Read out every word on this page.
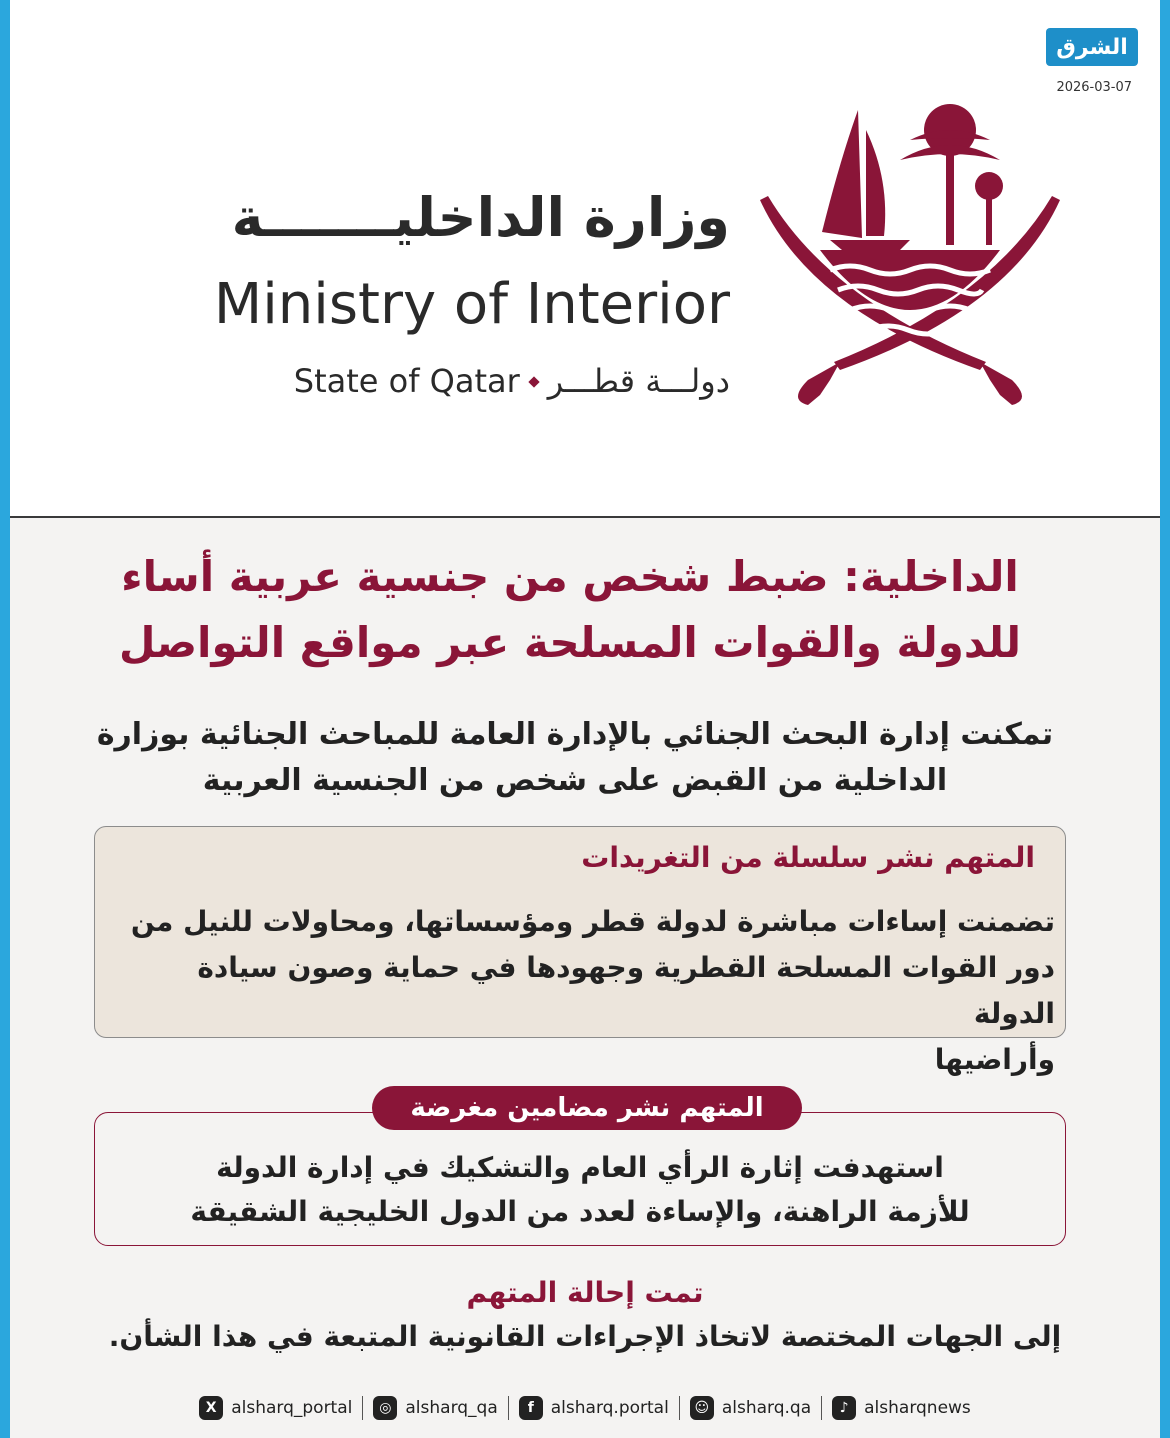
الشرق
2026-03-07
وزارة الداخليـــــــة
Ministry of Interior
State of Qatar دولـــة قطـــر
الداخلية: ضبط شخص من جنسية عربية أساء
للدولة والقوات المسلحة عبر مواقع التواصل
تمكنت إدارة البحث الجنائي بالإدارة العامة للمباحث الجنائية بوزارة
الداخلية من القبض على شخص من الجنسية العربية
المتهم نشر سلسلة من التغريدات
تضمنت إساءات مباشرة لدولة قطر ومؤسساتها، ومحاولات للنيل من
دور القوات المسلحة القطرية وجهودها في حماية وصون سيادة الدولة
وأراضيها
المتهم نشر مضامين مغرضة
استهدفت إثارة الرأي العام والتشكيك في إدارة الدولة
للأزمة الراهنة، والإساءة لعدد من الدول الخليجية الشقيقة
تمت إحالة المتهم
إلى الجهات المختصة لاتخاذ الإجراءات القانونية المتبعة في هذا الشأن.
X alsharq_portal	◎ alsharq_qa	f alsharq.portal	☺ alsharq.qa	♪ alsharqnews
